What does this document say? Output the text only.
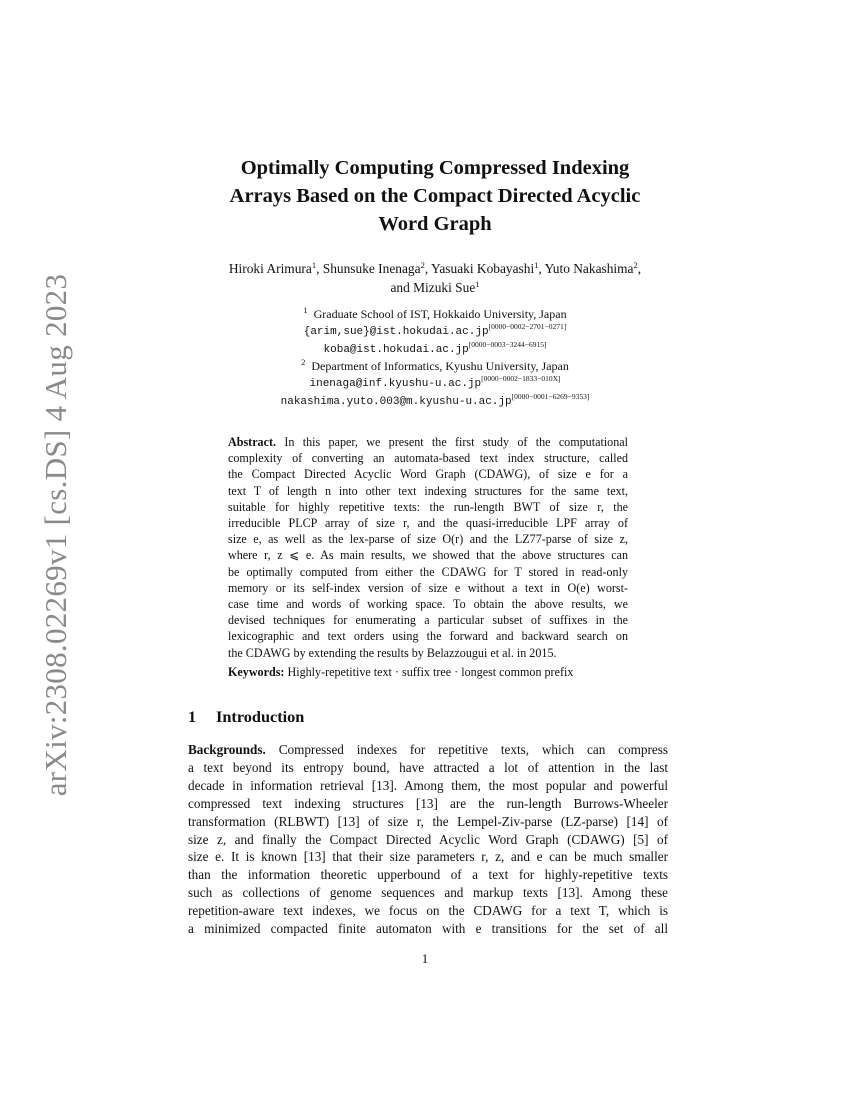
arXiv:2308.02269v1 [cs.DS] 4 Aug 2023
Optimally Computing Compressed Indexing
Arrays Based on the Compact Directed Acyclic
Word Graph
Hiroki Arimura$^1$, Shunsuke Inenaga$^2$, Yasuaki Kobayashi$^1$, Yuto Nakashima$^2$,
and Mizuki Sue$^1$
$^1$ Graduate School of IST, Hokkaido University, Japan
{arim,sue}@ist.hokudai.ac.jp[0000−0002−2701−0271]
koba@ist.hokudai.ac.jp[0000−0003−3244−6915]
$^2$ Department of Informatics, Kyushu University, Japan
inenaga@inf.kyushu-u.ac.jp[0000−0002−1833−010X]
nakashima.yuto.003@m.kyushu-u.ac.jp[0000−0001−6269−9353]
Abstract. In this paper, we present the first study of the computational
complexity of converting an automata-based text index structure, called
the Compact Directed Acyclic Word Graph (CDAWG), of size e for a
text T of length n into other text indexing structures for the same text,
suitable for highly repetitive texts: the run-length BWT of size r, the
irreducible PLCP array of size r, and the quasi-irreducible LPF array of
size e, as well as the lex-parse of size O(r) and the LZ77-parse of size z,
where r, z ⩽ e. As main results, we showed that the above structures can
be optimally computed from either the CDAWG for T stored in read-only
memory or its self-index version of size e without a text in O(e) worst-
case time and words of working space. To obtain the above results, we
devised techniques for enumerating a particular subset of suffixes in the
lexicographic and text orders using the forward and backward search on
the CDAWG by extending the results by Belazzougui et al. in 2015.
Keywords: Highly-repetitive text · suffix tree · longest common prefix
1 Introduction
Backgrounds. Compressed indexes for repetitive texts, which can compress
a text beyond its entropy bound, have attracted a lot of attention in the last
decade in information retrieval [13]. Among them, the most popular and powerful
compressed text indexing structures [13] are the run-length Burrows-Wheeler
transformation (RLBWT) [13] of size r, the Lempel-Ziv-parse (LZ-parse) [14] of
size z, and finally the Compact Directed Acyclic Word Graph (CDAWG) [5] of
size e. It is known [13] that their size parameters r, z, and e can be much smaller
than the information theoretic upperbound of a text for highly-repetitive texts
such as collections of genome sequences and markup texts [13]. Among these
repetition-aware text indexes, we focus on the CDAWG for a text T, which is
a minimized compacted finite automaton with e transitions for the set of all
1
